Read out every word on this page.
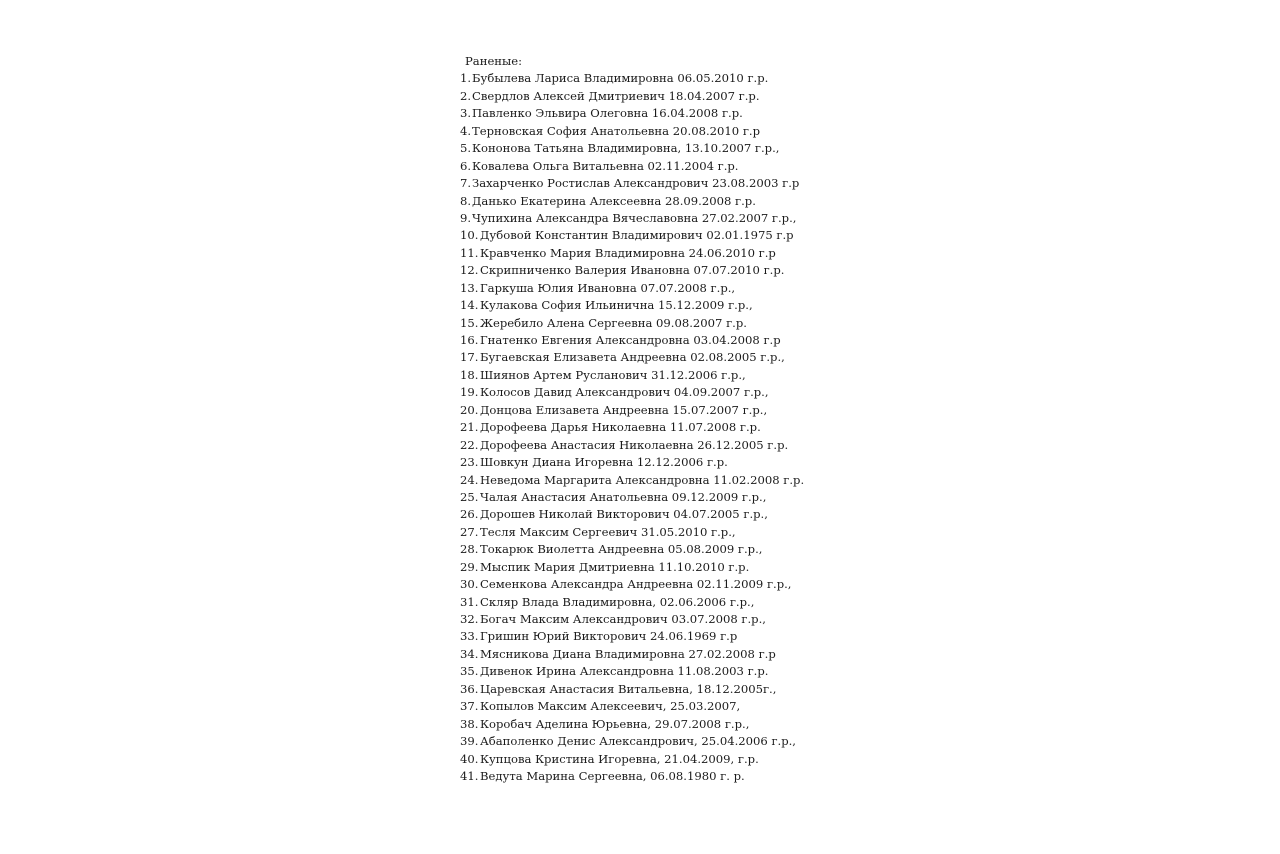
Раненые:

1. Бубылева Лариса Владимировна 06.05.2010 г.р.
2. Свердлов Алексей Дмитриевич 18.04.2007 г.р.
3. Павленко Эльвира Олеговна 16.04.2008 г.р.
4. Терновская София Анатольевна 20.08.2010 г.р
5. Кононова Татьяна Владимировна, 13.10.2007 г.р.,
6. Ковалева Ольга Витальевна 02.11.2004 г.р.
7. Захарченко Ростислав Александрович 23.08.2003 г.р
8. Данько Екатерина Алексеевна 28.09.2008 г.р.
9. Чупихина Александра Вячеславовна 27.02.2007 г.р.,
10. Дубовой Константин Владимирович 02.01.1975 г.р
11. Кравченко Мария Владимировна 24.06.2010 г.р
12. Скрипниченко Валерия Ивановна 07.07.2010 г.р.
13. Гаркуша Юлия Ивановна 07.07.2008 г.р.,
14. Кулакова София Ильинична 15.12.2009 г.р.,
15. Жеребило Алена Сергеевна 09.08.2007 г.р.
16. Гнатенко Евгения Александровна 03.04.2008 г.р
17. Бугаевская Елизавета Андреевна 02.08.2005 г.р.,
18. Шиянов Артем Русланович 31.12.2006 г.р.,
19. Колосов Давид Александрович 04.09.2007 г.р.,
20. Донцова Елизавета Андреевна 15.07.2007 г.р.,
21. Дорофеева Дарья Николаевна 11.07.2008 г.р.
22. Дорофеева Анастасия Николаевна 26.12.2005 г.р.
23. Шовкун Диана Игоревна 12.12.2006 г.р.
24. Неведома Маргарита Александровна 11.02.2008 г.р.
25. Чалая Анастасия Анатольевна 09.12.2009 г.р.,
26. Дорошев Николай Викторович 04.07.2005 г.р.,
27. Тесля Максим Сергеевич 31.05.2010 г.р.,
28. Токарюк Виолетта Андреевна 05.08.2009 г.р.,
29. Мыспик Мария Дмитриевна 11.10.2010 г.р.
30. Семенкова Александра Андреевна 02.11.2009 г.р.,
31. Скляр Влада Владимировна, 02.06.2006 г.р.,
32. Богач Максим Александрович 03.07.2008 г.р.,
33. Гришин Юрий Викторович 24.06.1969 г.р
34. Мясникова Диана Владимировна 27.02.2008 г.р
35. Дивенок Ирина Александровна 11.08.2003 г.р.
36. Царевская Анастасия Витальевна, 18.12.2005г.,
37. Копылов Максим Алексеевич, 25.03.2007,
38. Коробач Аделина Юрьевна, 29.07.2008 г.р.,
39. Абаполенко Денис Александрович, 25.04.2006 г.р.,
40. Купцова Кристина Игоревна, 21.04.2009, г.р.
41. Ведута Марина Сергеевна, 06.08.1980 г. р.
